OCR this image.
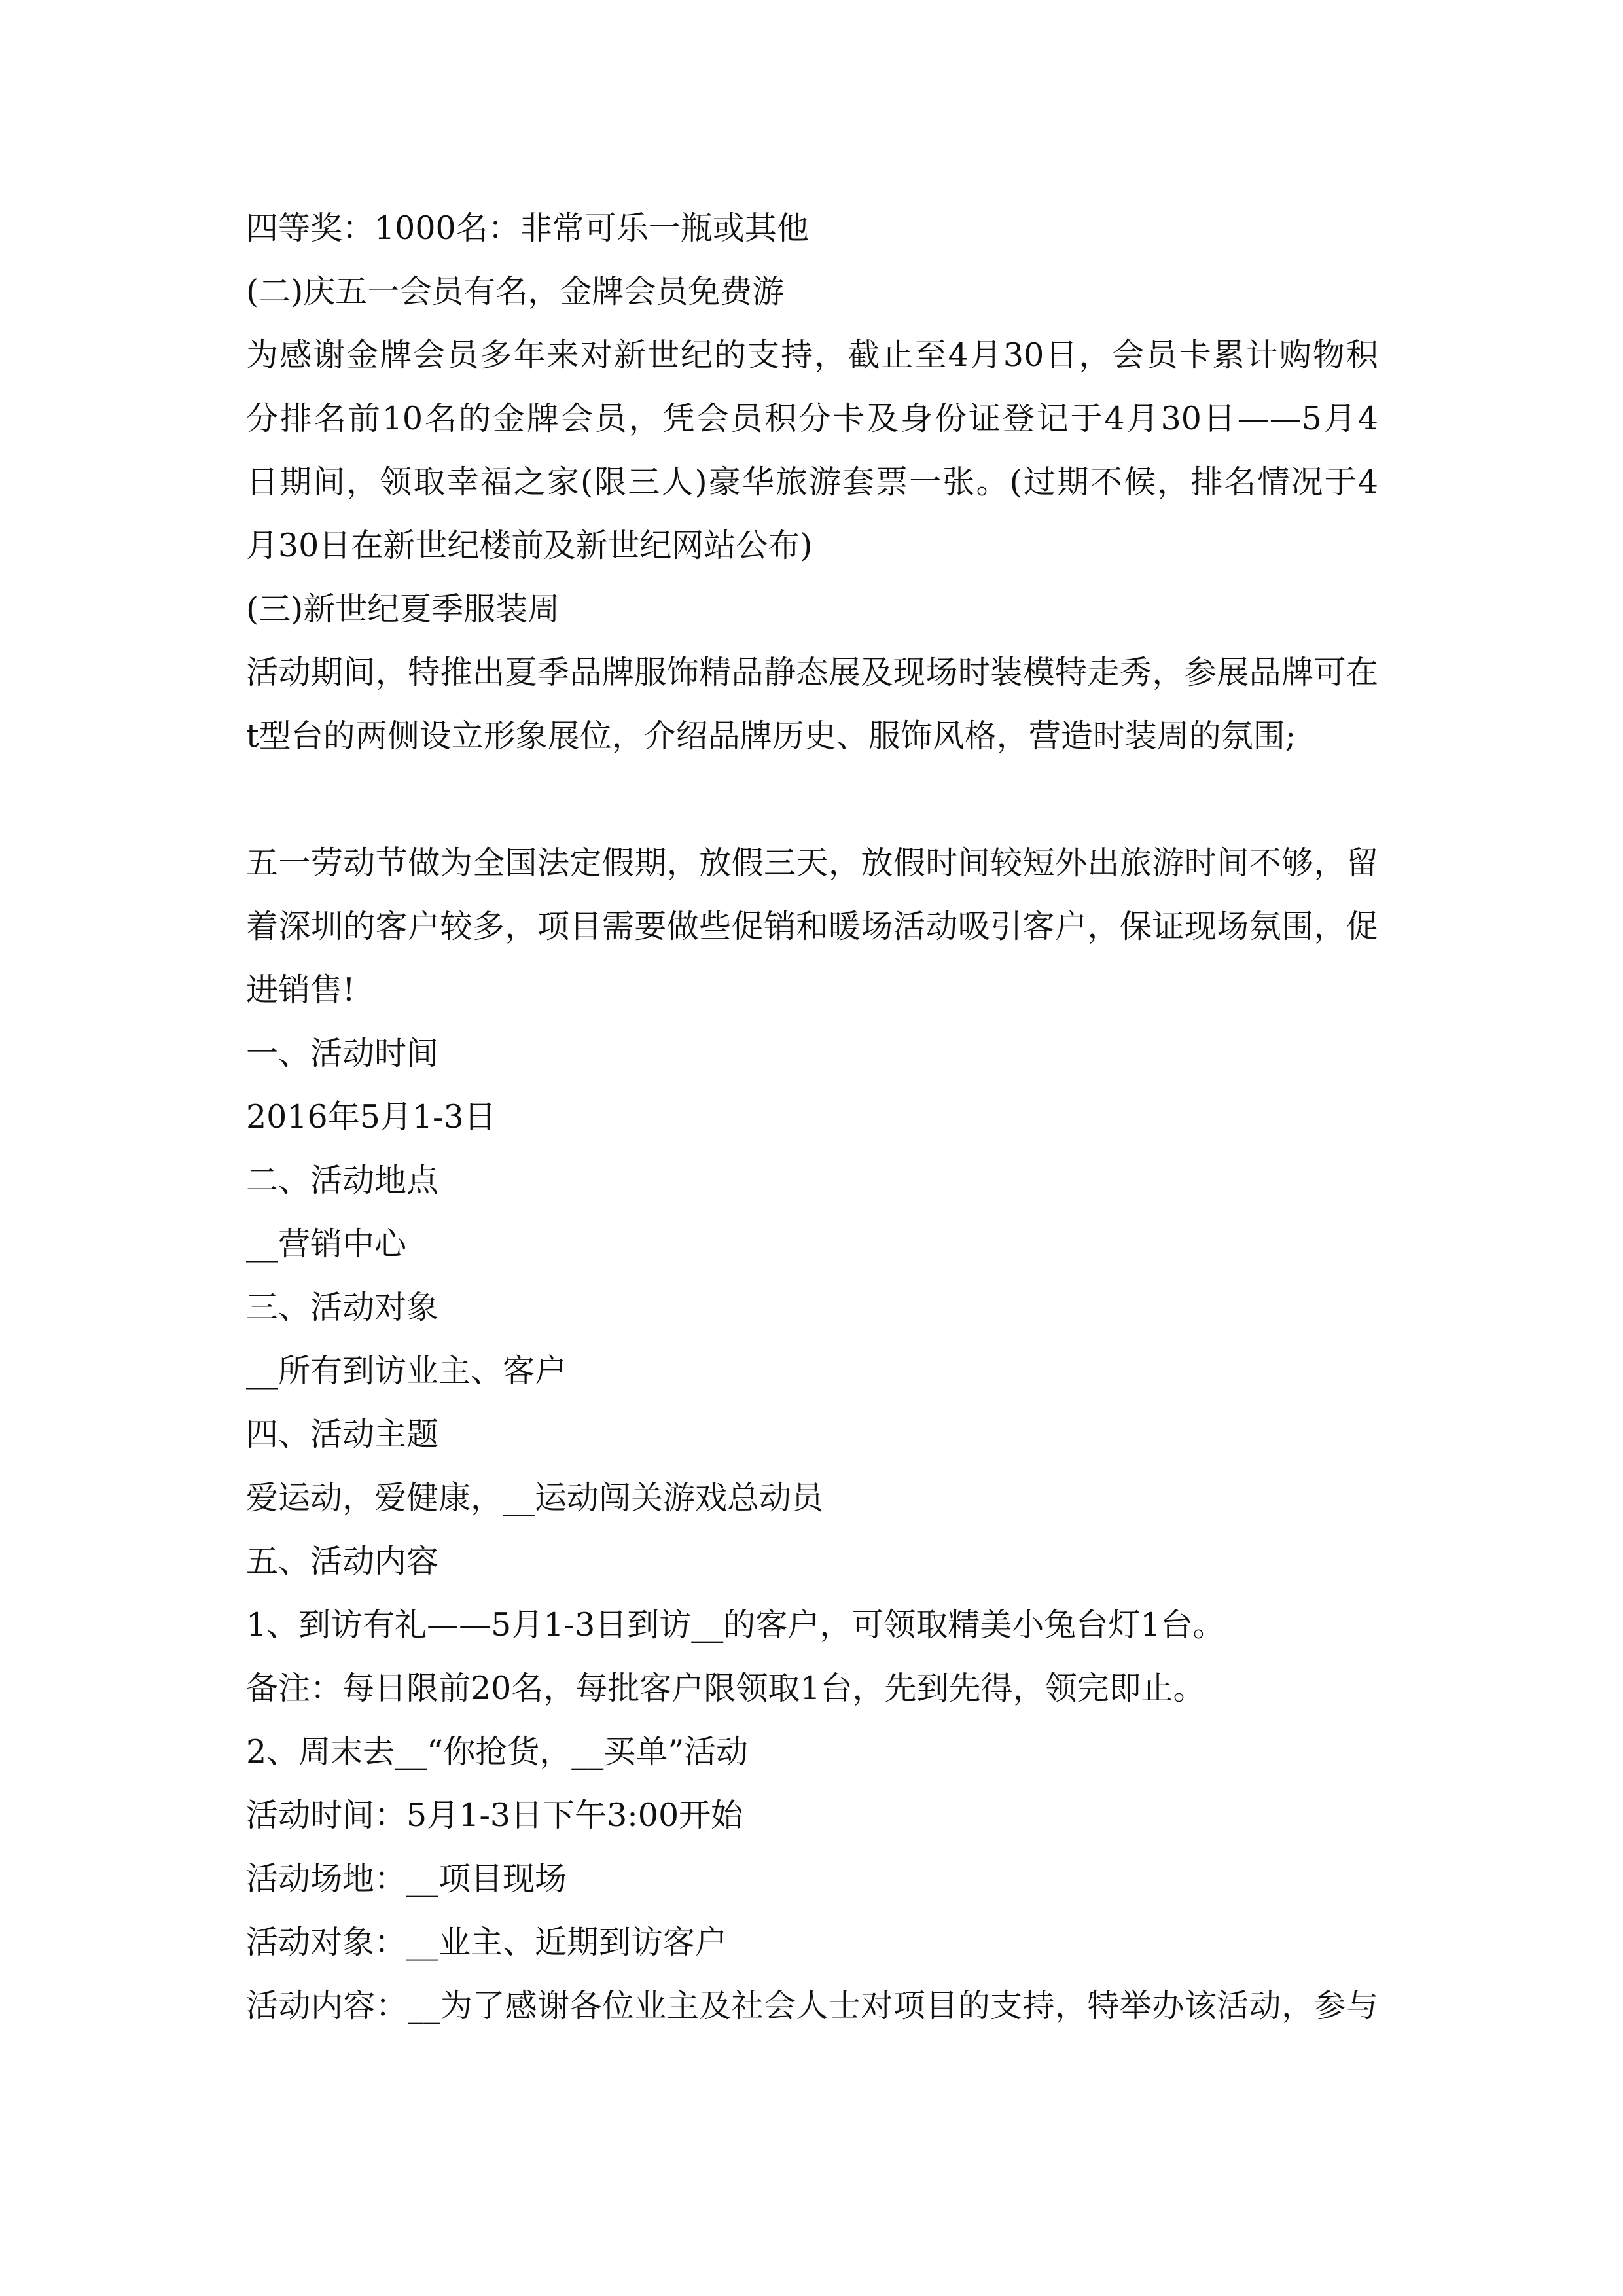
四等奖：1000名：非常可乐一瓶或其他
(二)庆五一会员有名，金牌会员免费游
为感谢金牌会员多年来对新世纪的支持，截止至4月30日，会员卡累计购物积
分排名前10名的金牌会员，凭会员积分卡及身份证登记于4月30日——5月4
日期间，领取幸福之家(限三人)豪华旅游套票一张。(过期不候，排名情况于4
月30日在新世纪楼前及新世纪网站公布)
(三)新世纪夏季服装周
活动期间，特推出夏季品牌服饰精品静态展及现场时装模特走秀，参展品牌可在
t型台的两侧设立形象展位，介绍品牌历史、服饰风格，营造时装周的氛围;
五一劳动节做为全国法定假期，放假三天，放假时间较短外出旅游时间不够，留
着深圳的客户较多，项目需要做些促销和暖场活动吸引客户，保证现场氛围，促
进销售!
一、活动时间
2016年5月1-3日
二、活动地点
__营销中心
三、活动对象
__所有到访业主、客户
四、活动主题
爱运动，爱健康，__运动闯关游戏总动员
五、活动内容
1、到访有礼——5月1-3日到访__的客户，可领取精美小兔台灯1台。
备注：每日限前20名，每批客户限领取1台，先到先得，领完即止。
2、周末去__“你抢货，__买单”活动
活动时间：5月1-3日下午3:00开始
活动场地：__项目现场
活动对象：__业主、近期到访客户
活动内容：__为了感谢各位业主及社会人士对项目的支持，特举办该活动，参与
